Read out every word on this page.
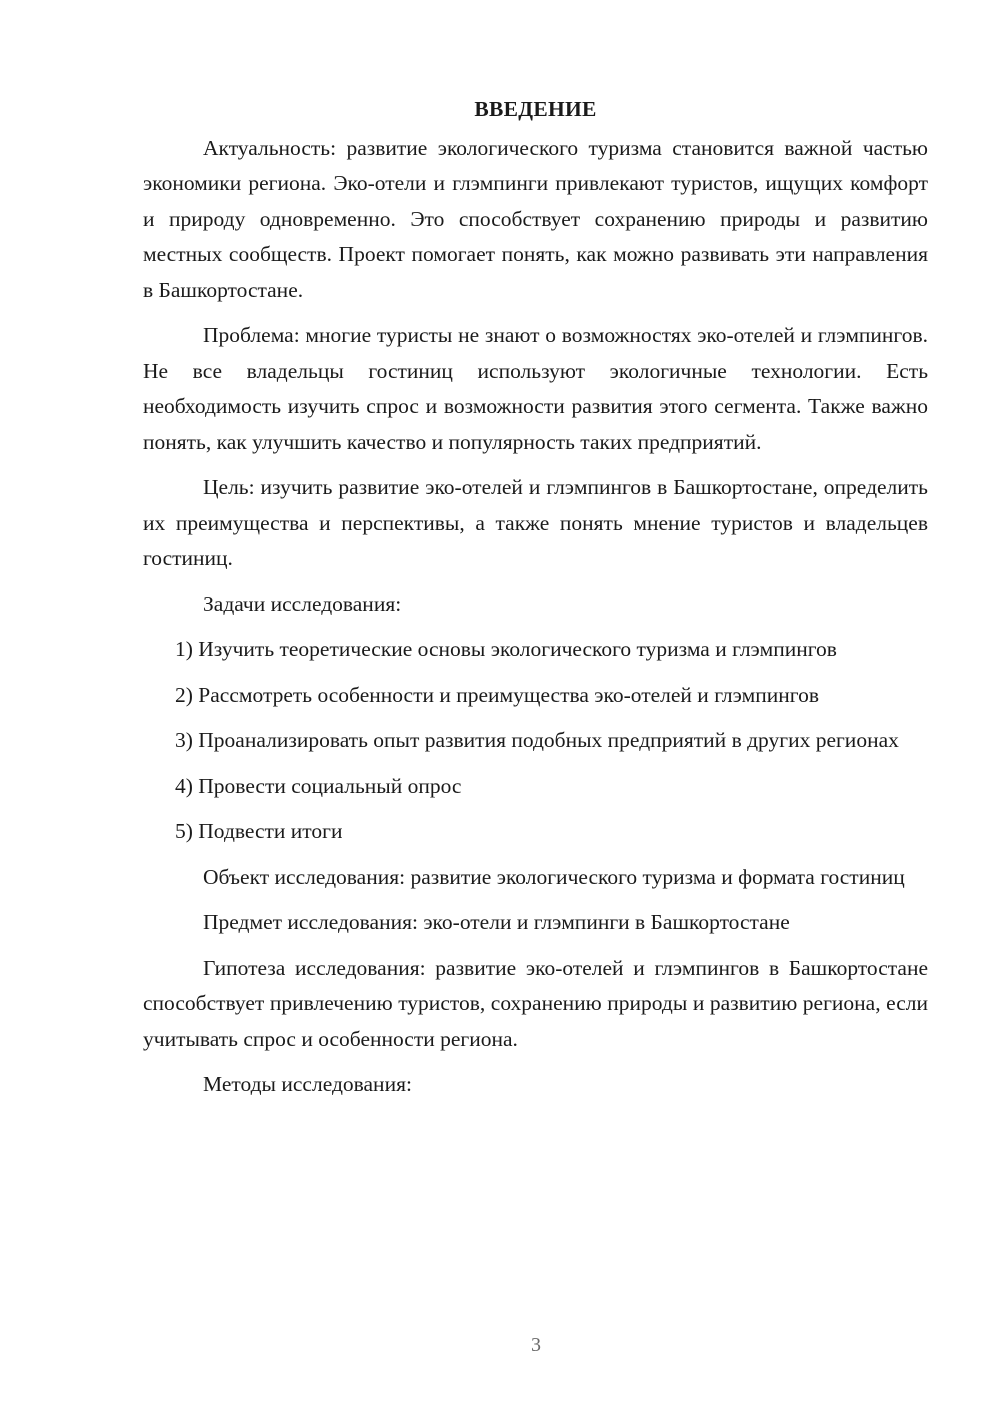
ВВЕДЕНИЕ

Актуальность: развитие экологического туризма становится важной частью экономики региона. Эко-отели и глэмпинги привлекают туристов, ищущих комфорт и природу одновременно. Это способствует сохранению природы и развитию местных сообществ. Проект помогает понять, как можно развивать эти направления в Башкортостане.

Проблема: многие туристы не знают о возможностях эко-отелей и глэмпингов. Не все владельцы гостиниц используют экологичные технологии. Есть необходимость изучить спрос и возможности развития этого сегмента. Также важно понять, как улучшить качество и популярность таких предприятий.

Цель: изучить развитие эко-отелей и глэмпингов в Башкортостане, определить их преимущества и перспективы, а также понять мнение туристов и владельцев гостиниц.

Задачи исследования:

1) Изучить теоретические основы экологического туризма и глэмпингов

2) Рассмотреть особенности и преимущества эко-отелей и глэмпингов

3) Проанализировать опыт развития подобных предприятий в других регионах

4) Провести социальный опрос

5) Подвести итоги

Объект исследования: развитие экологического туризма и формата гостиниц

Предмет исследования: эко-отели и глэмпинги в Башкортостане

Гипотеза исследования: развитие эко-отелей и глэмпингов в Башкортостане способствует привлечению туристов, сохранению природы и развитию региона, если учитывать спрос и особенности региона.

Методы исследования:

3
